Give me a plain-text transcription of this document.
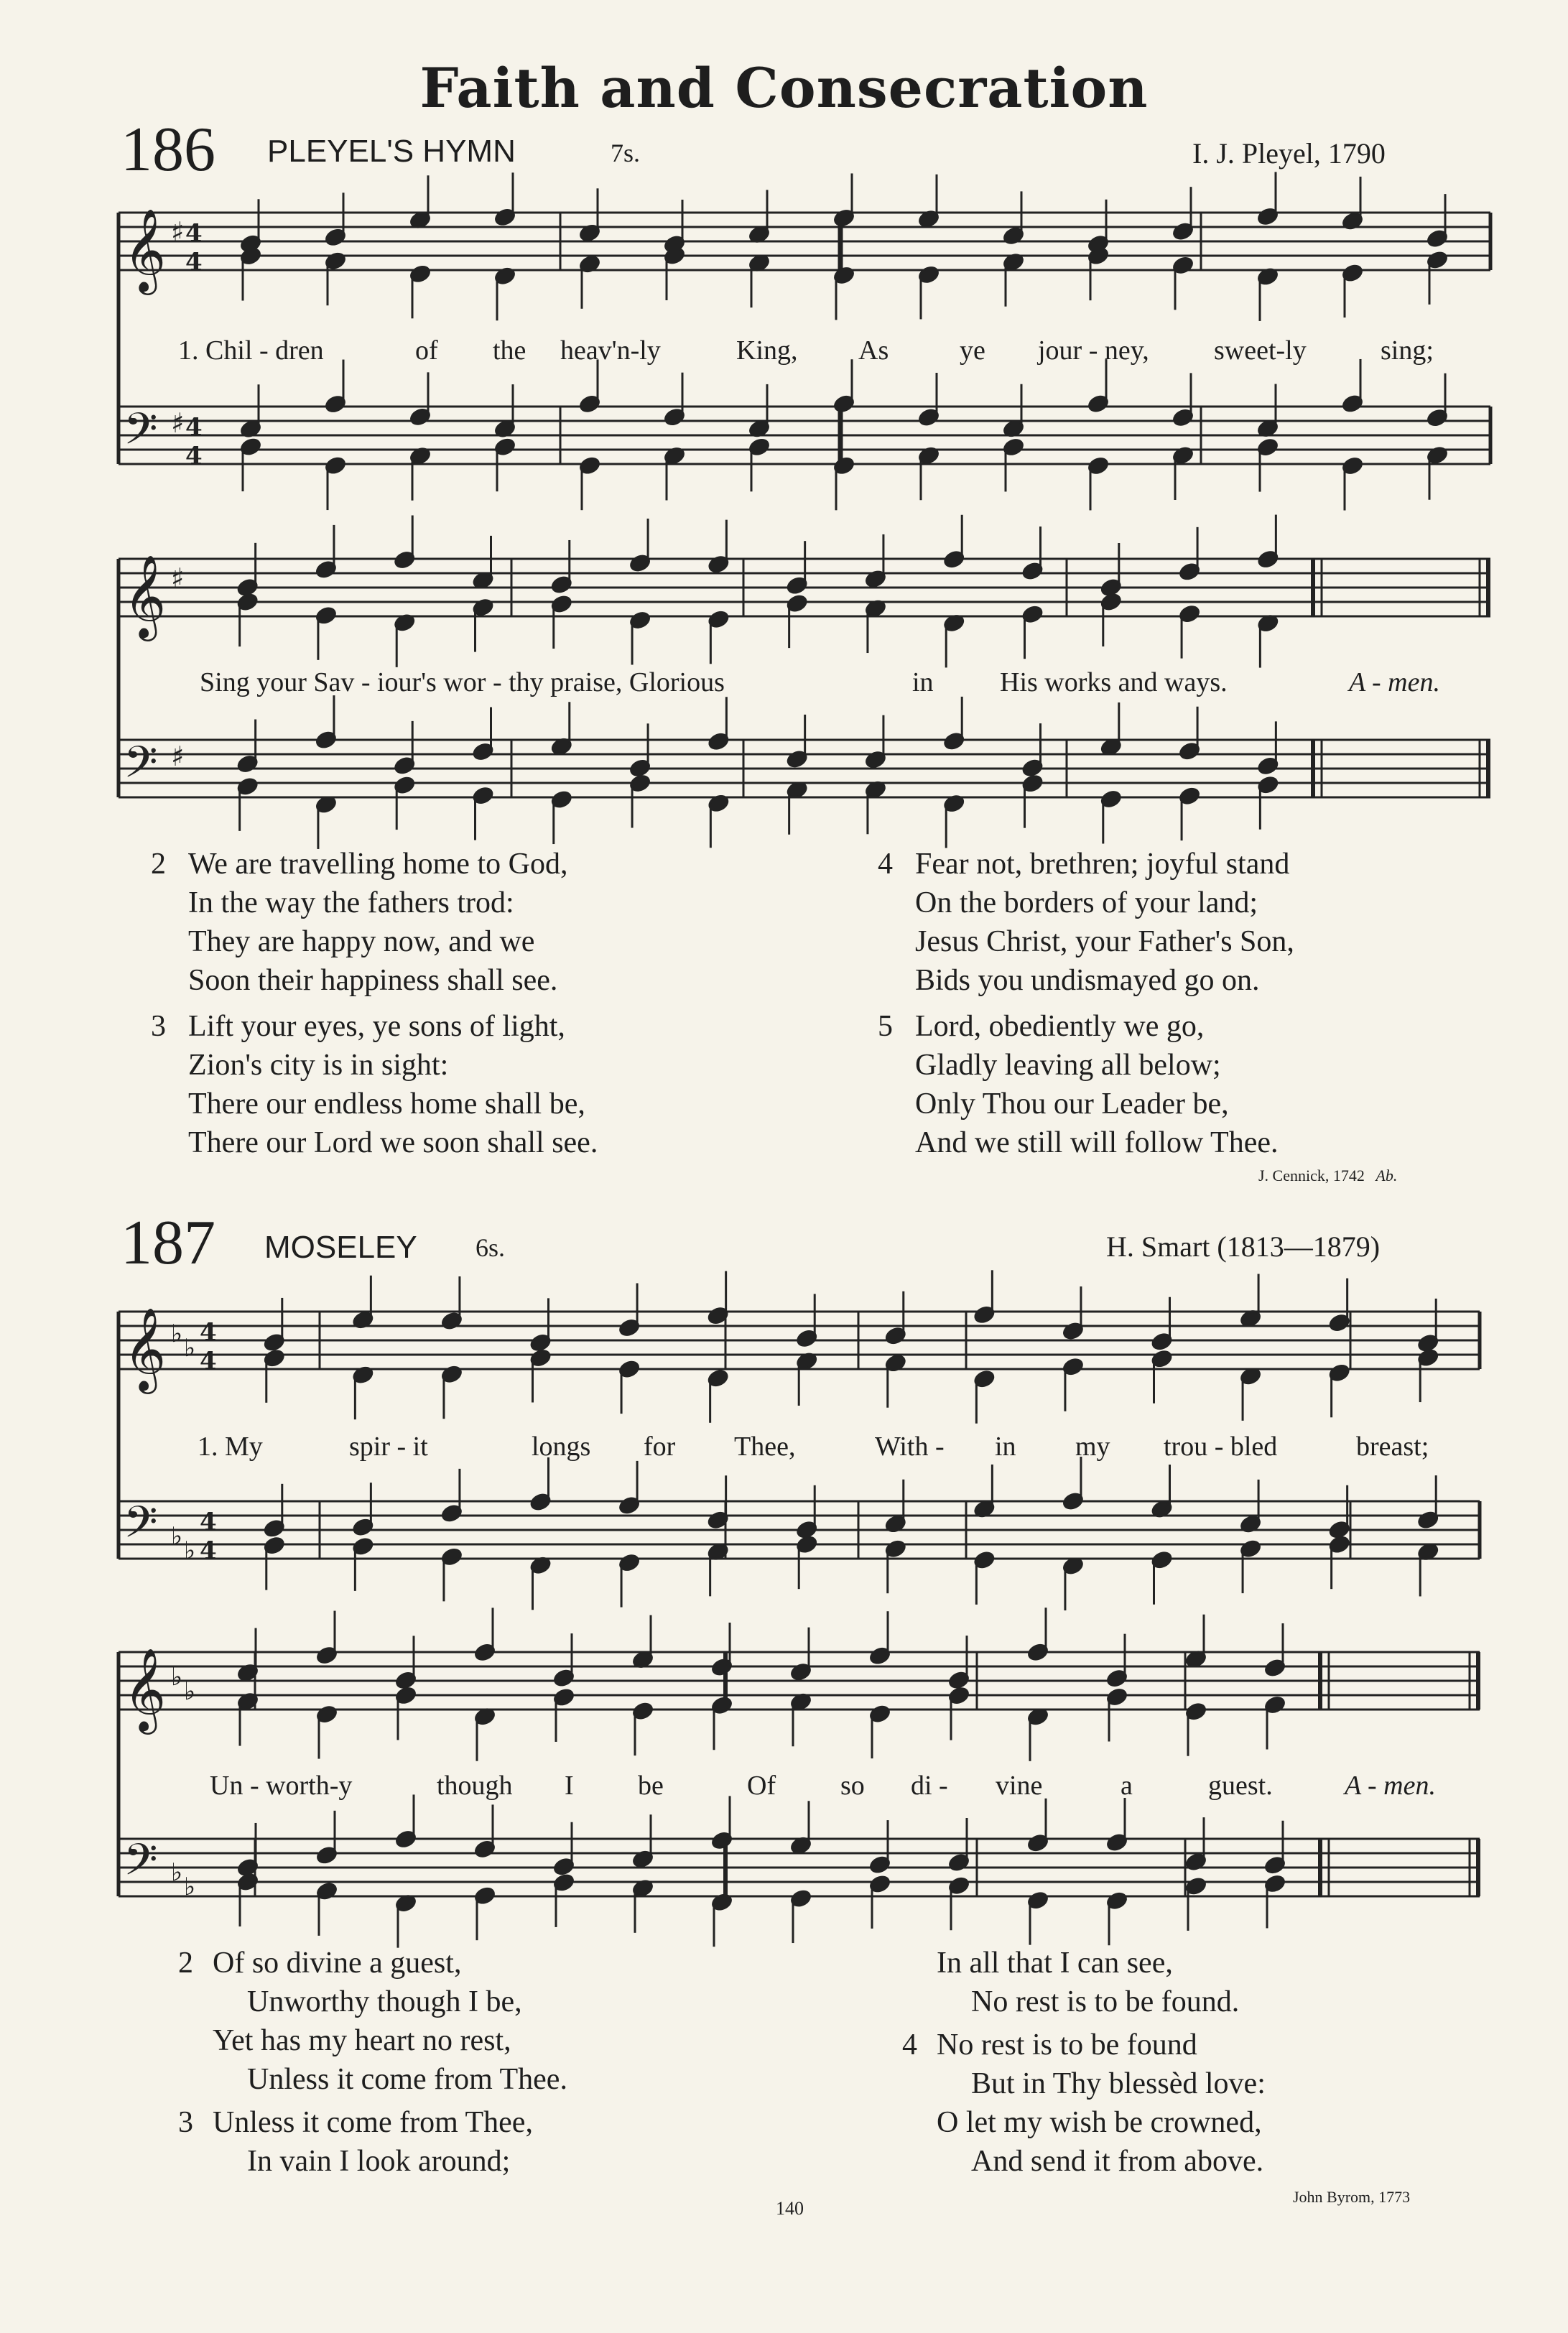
Faith and Consecration
186 PLEYEL'S HYMN	7s.	I. J. Pleyel, 1790
𝄞
𝄢
𝄞
𝄢
𝄞
𝄢
𝄞
𝄢
♯ 4
4
♯ 4
4
♯
♯
♭ ♭
4
4
♭ ♭
4
4
♭ ♭
♭ ♭
1. Chil - dren	of the heav'n-ly	King, As	ye jour - ney, sweet-ly	sing;
Sing your Sav - iour's wor - thy praise, Glorious	in His works and ways.	A - men.
2 We are travelling home to God,
In the way the fathers trod:
They are happy now, and we
Soon their happiness shall see.
3 Lift your eyes, ye sons of light,
Zion's city is in sight:
There our endless home shall be,
There our Lord we soon shall see.
4 Fear not, brethren; joyful stand
On the borders of your land;
Jesus Christ, your Father's Son,
Bids you undismayed go on.
5 Lord, obediently we go,
Gladly leaving all below;
Only Thou our Leader be,
And we still will follow Thee.
J. Cennick, 1742 Ab.
187 MOSELEY 6s.	H. Smart (1813—1879)
1. My	spir - it	longs for Thee,	With - in my trou - bled	breast;
Un - worth-y	though I be	Of so di - vine	a	guest.	A - men.
2 Of so divine a guest,
Unworthy though I be,
Yet has my heart no rest,
Unless it come from Thee.
3 Unless it come from Thee,
In vain I look around;
In all that I can see,
No rest is to be found.
4 No rest is to be found
But in Thy blessèd love:
O let my wish be crowned,
And send it from above.
140
John Byrom, 1773
